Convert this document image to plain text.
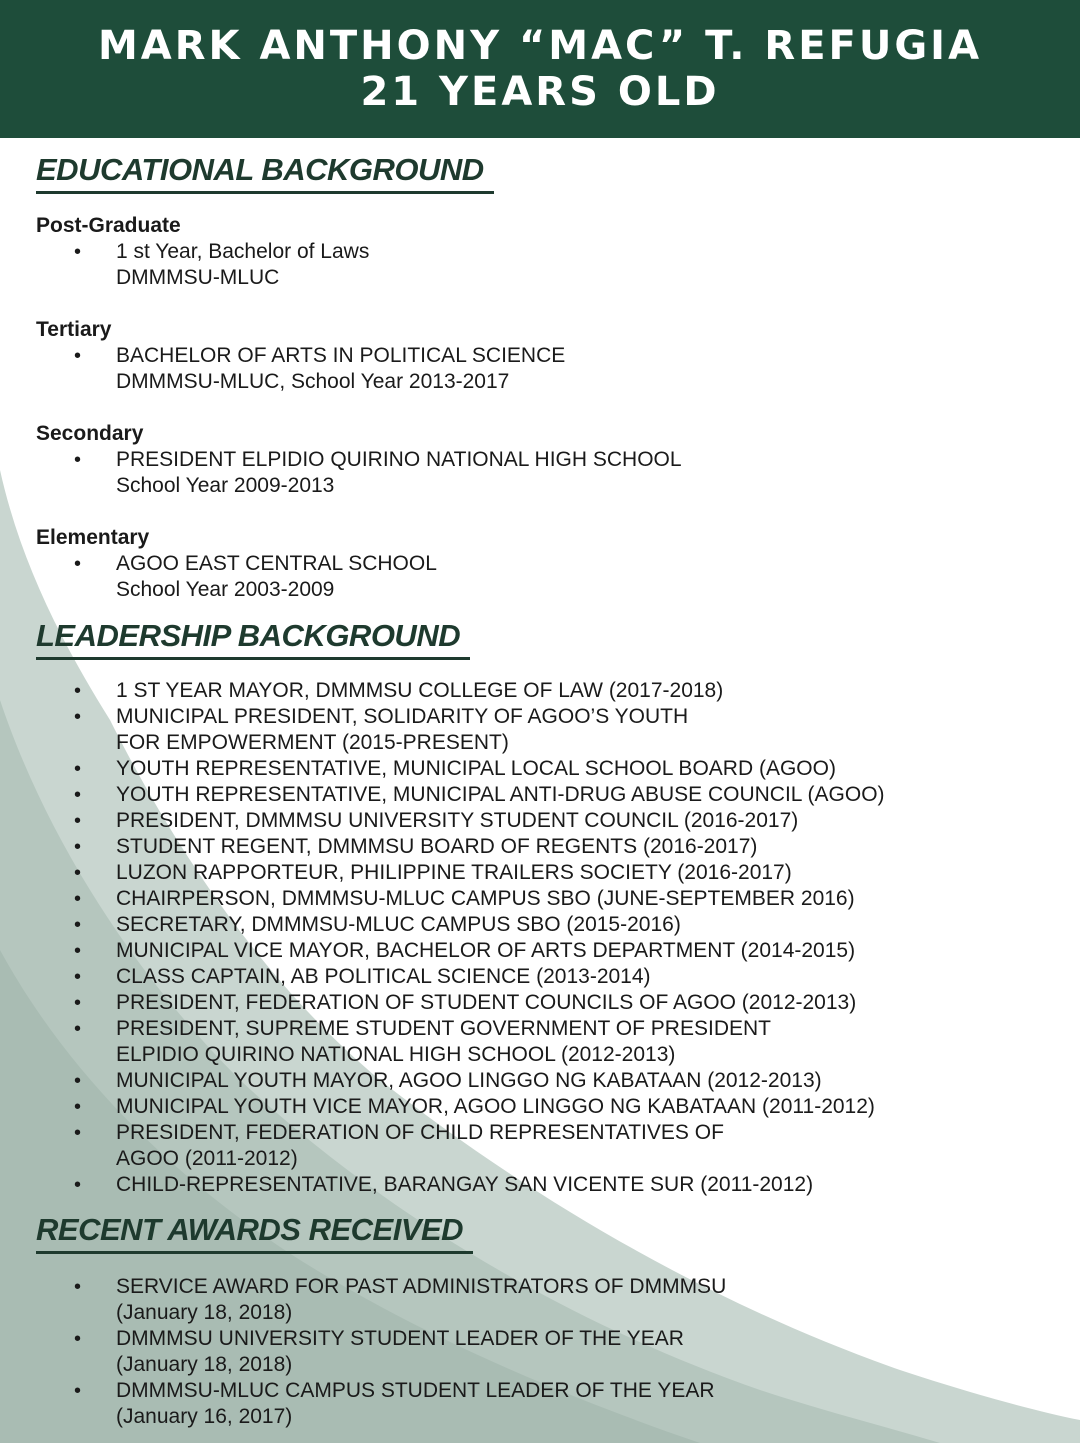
MARK ANTHONY “MAC” T. REFUGIA
21 YEARS OLD
EDUCATIONAL BACKGROUND
Post-Graduate
• 1 st Year, Bachelor of Laws
DMMMSU-MLUC
Tertiary
• BACHELOR OF ARTS IN POLITICAL SCIENCE
DMMMSU-MLUC, School Year 2013-2017
Secondary
• PRESIDENT ELPIDIO QUIRINO NATIONAL HIGH SCHOOL
School Year 2009-2013
Elementary
• AGOO EAST CENTRAL SCHOOL
School Year 2003-2009
LEADERSHIP BACKGROUND
• 1 ST YEAR MAYOR, DMMMSU COLLEGE OF LAW (2017-2018)
• MUNICIPAL PRESIDENT, SOLIDARITY OF AGOO’S YOUTH
FOR EMPOWERMENT (2015-PRESENT)
• YOUTH REPRESENTATIVE, MUNICIPAL LOCAL SCHOOL BOARD (AGOO)
• YOUTH REPRESENTATIVE, MUNICIPAL ANTI-DRUG ABUSE COUNCIL (AGOO)
• PRESIDENT, DMMMSU UNIVERSITY STUDENT COUNCIL (2016-2017)
• STUDENT REGENT, DMMMSU BOARD OF REGENTS (2016-2017)
• LUZON RAPPORTEUR, PHILIPPINE TRAILERS SOCIETY (2016-2017)
• CHAIRPERSON, DMMMSU-MLUC CAMPUS SBO (JUNE-SEPTEMBER 2016)
• SECRETARY, DMMMSU-MLUC CAMPUS SBO (2015-2016)
• MUNICIPAL VICE MAYOR, BACHELOR OF ARTS DEPARTMENT (2014-2015)
• CLASS CAPTAIN, AB POLITICAL SCIENCE (2013-2014)
• PRESIDENT, FEDERATION OF STUDENT COUNCILS OF AGOO (2012-2013)
• PRESIDENT, SUPREME STUDENT GOVERNMENT OF PRESIDENT
ELPIDIO QUIRINO NATIONAL HIGH SCHOOL (2012-2013)
• MUNICIPAL YOUTH MAYOR, AGOO LINGGO NG KABATAAN (2012-2013)
• MUNICIPAL YOUTH VICE MAYOR, AGOO LINGGO NG KABATAAN (2011-2012)
• PRESIDENT, FEDERATION OF CHILD REPRESENTATIVES OF
AGOO (2011-2012)
• CHILD-REPRESENTATIVE, BARANGAY SAN VICENTE SUR (2011-2012)
RECENT AWARDS RECEIVED
• SERVICE AWARD FOR PAST ADMINISTRATORS OF DMMMSU
(January 18, 2018)
• DMMMSU UNIVERSITY STUDENT LEADER OF THE YEAR
(January 18, 2018)
• DMMMSU-MLUC CAMPUS STUDENT LEADER OF THE YEAR
(January 16, 2017)
